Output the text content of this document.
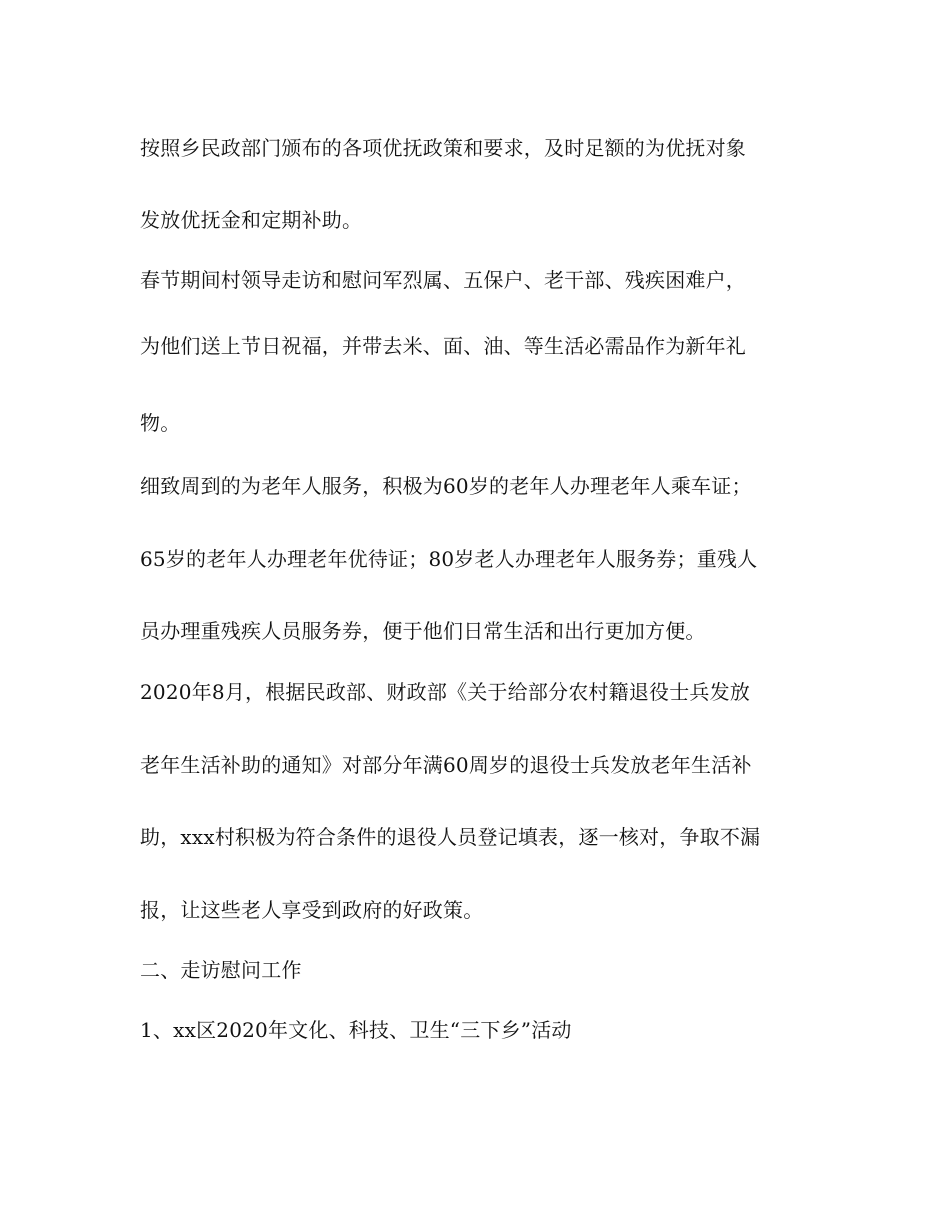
按照乡民政部门颁布的各项优抚政策和要求，及时足额的为优抚对象
发放优抚金和定期补助。
春节期间村领导走访和慰问军烈属、五保户、老干部、残疾困难户，
为他们送上节日祝福，并带去米、面、油、等生活必需品作为新年礼
物。
细致周到的为老年人服务，积极为60岁的老年人办理老年人乘车证；
65岁的老年人办理老年优待证；80岁老人办理老年人服务券；重残人
员办理重残疾人员服务券，便于他们日常生活和出行更加方便。
2020年8月，根据民政部、财政部《关于给部分农村籍退役士兵发放
老年生活补助的通知》对部分年满60周岁的退役士兵发放老年生活补
助，xxx村积极为符合条件的退役人员登记填表，逐一核对，争取不漏
报，让这些老人享受到政府的好政策。
二、走访慰问工作
1、xx区2020年文化、科技、卫生“三下乡”活动
